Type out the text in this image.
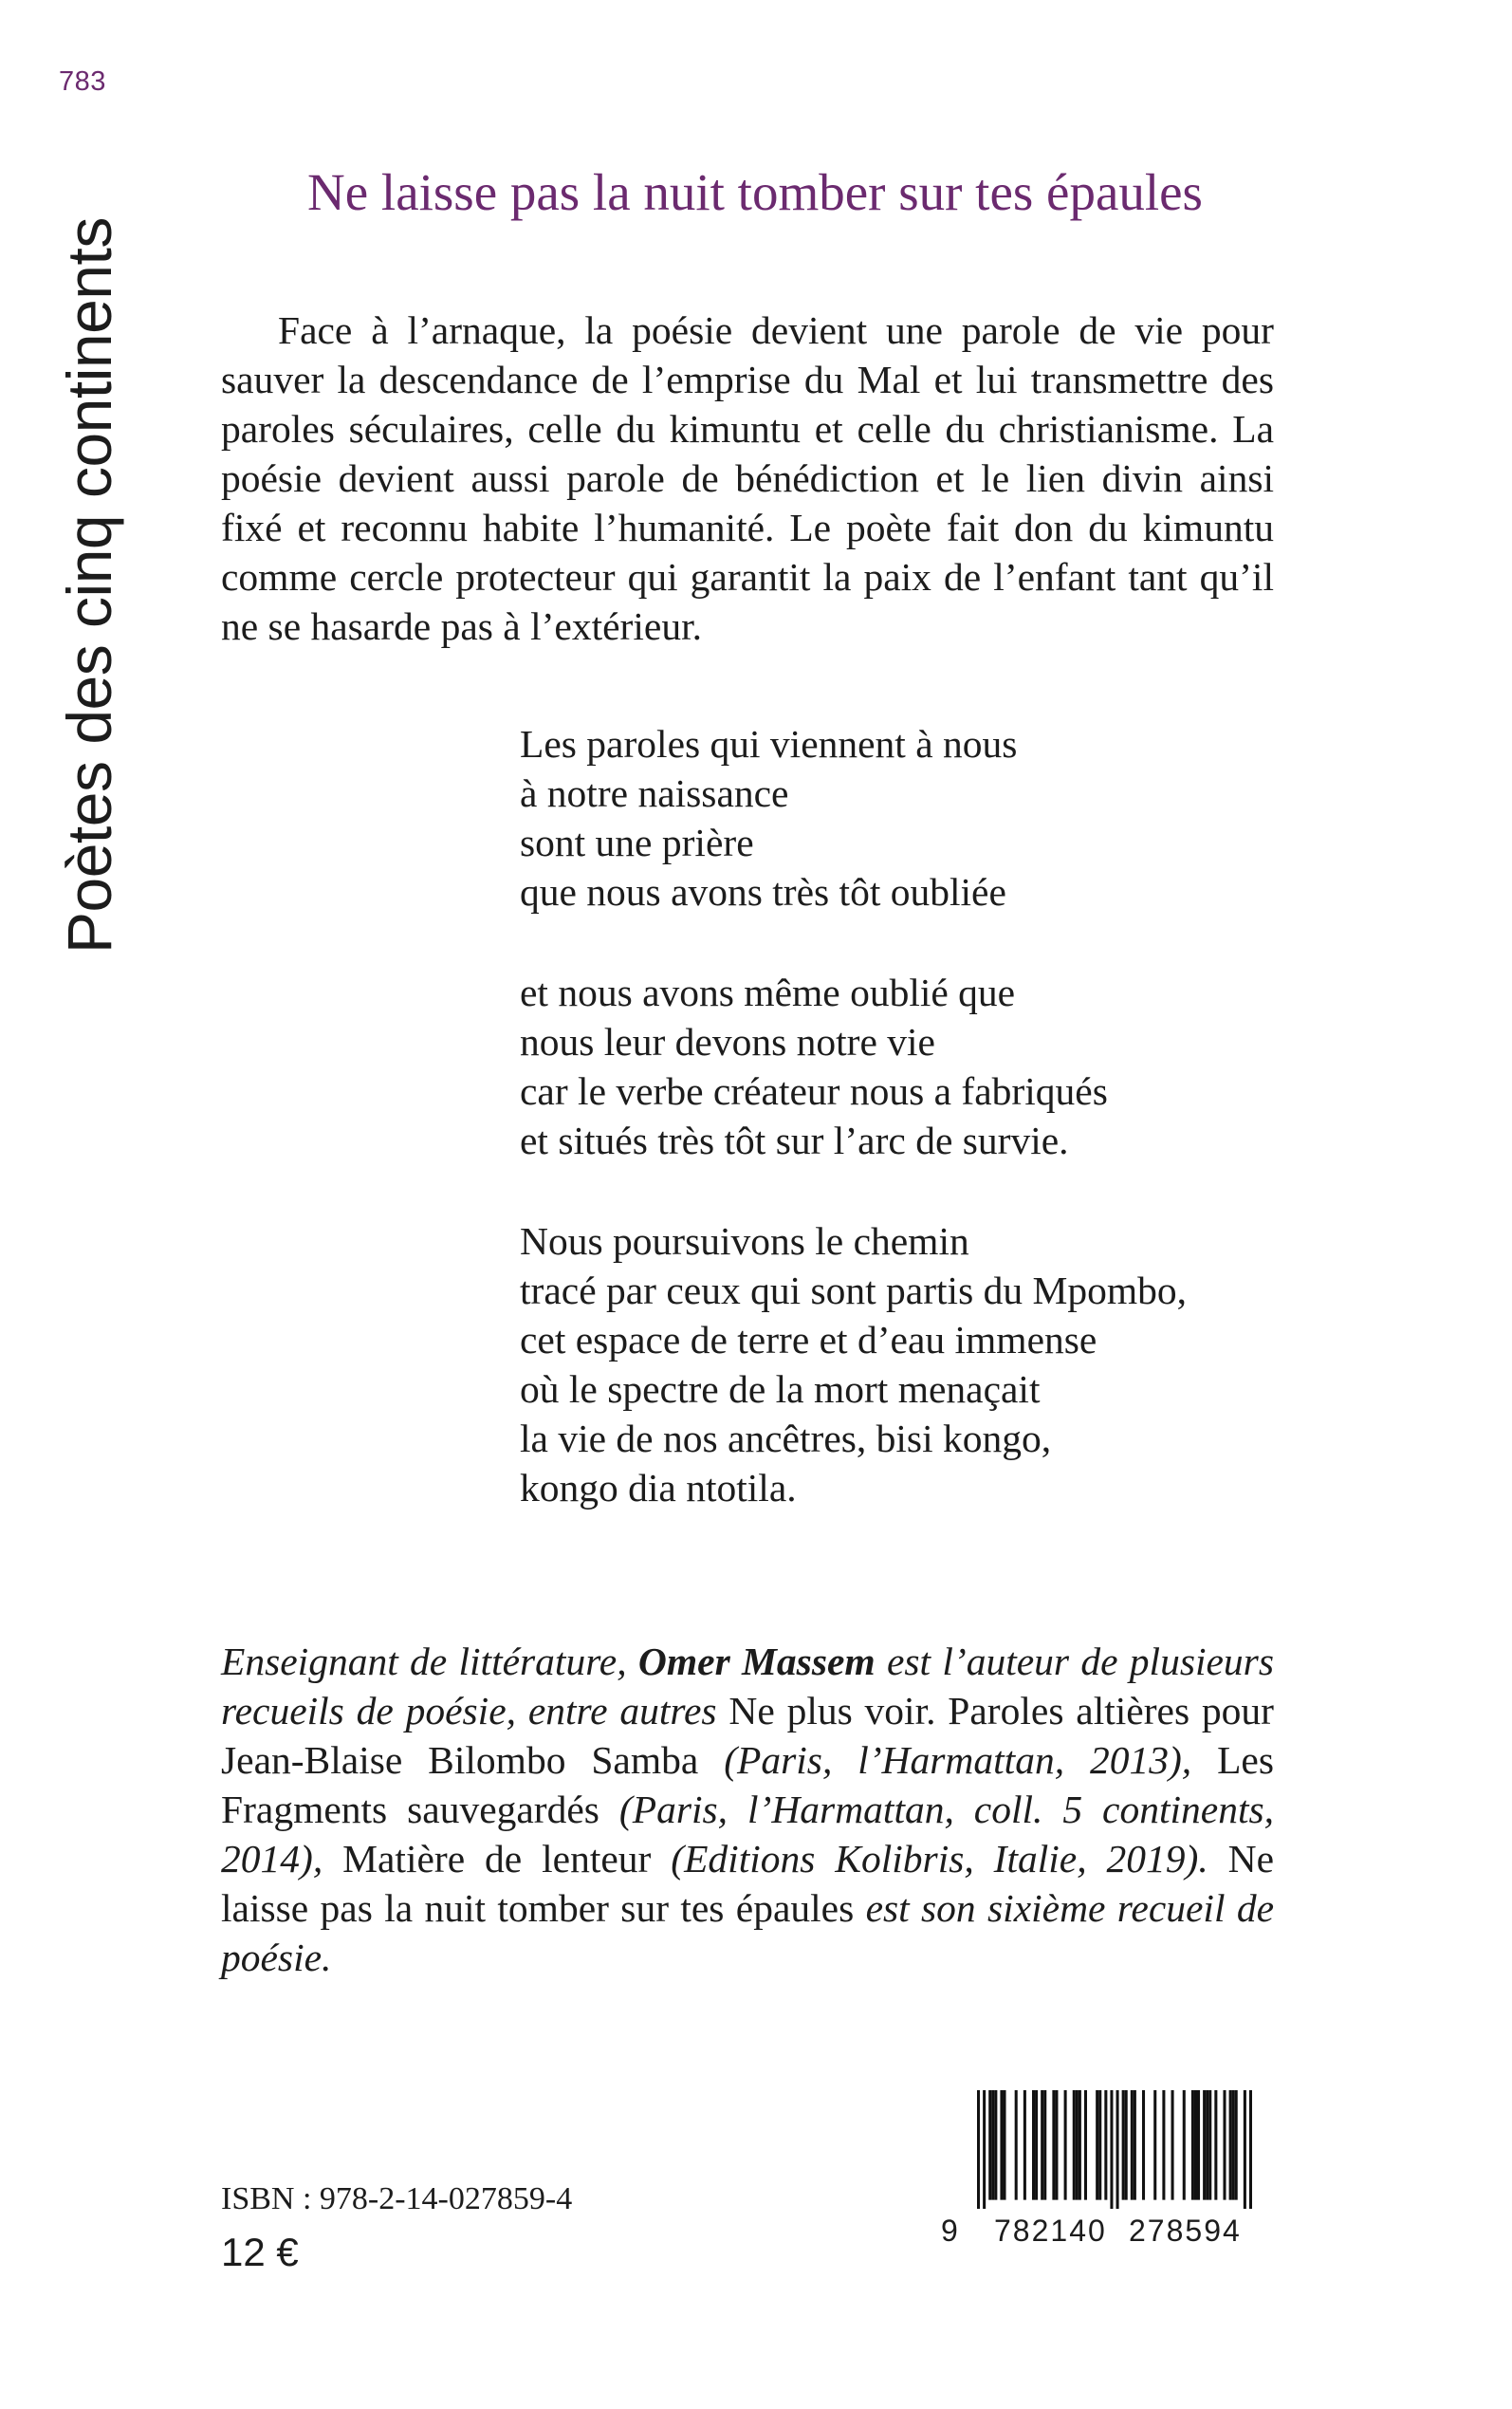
783
Poètes des cinq continents
Ne laisse pas la nuit tomber sur tes épaules

Face à l’arnaque, la poésie devient une parole de vie pour sauver la descendance de l’emprise du Mal et lui transmettre des paroles séculaires, celle du kimuntu et celle du christianisme. La poésie devient aussi parole de bénédiction et le lien divin ainsi fixé et reconnu habite l’humanité. Le poète fait don du kimuntu comme cercle protecteur qui garantit la paix de l’enfant tant qu’il ne se hasarde pas à l’extérieur.

Les paroles qui viennent à nous
à notre naissance
sont une prière
que nous avons très tôt oubliée
et nous avons même oublié que
nous leur devons notre vie
car le verbe créateur nous a fabriqués
et situés très tôt sur l’arc de survie.
Nous poursuivons le chemin
tracé par ceux qui sont partis du Mpombo,
cet espace de terre et d’eau immense
où le spectre de la mort menaçait
la vie de nos ancêtres, bisi kongo,
kongo dia ntotila.

Enseignant de littérature, Omer Massem est l’auteur de plusieurs recueils de poésie, entre autres Ne plus voir. Paroles altières pour Jean-Blaise Bilombo Samba (Paris, l’Harmattan, 2013), Les Fragments sauvegardés (Paris, l’Harmattan, coll. 5 continents, 2014), Matière de lenteur (Editions Kolibris, Italie, 2019). Ne laisse pas la nuit tomber sur tes épaules est son sixième recueil de poésie.

ISBN : 978-2-14-027859-4
12 €	9 782140 278594
